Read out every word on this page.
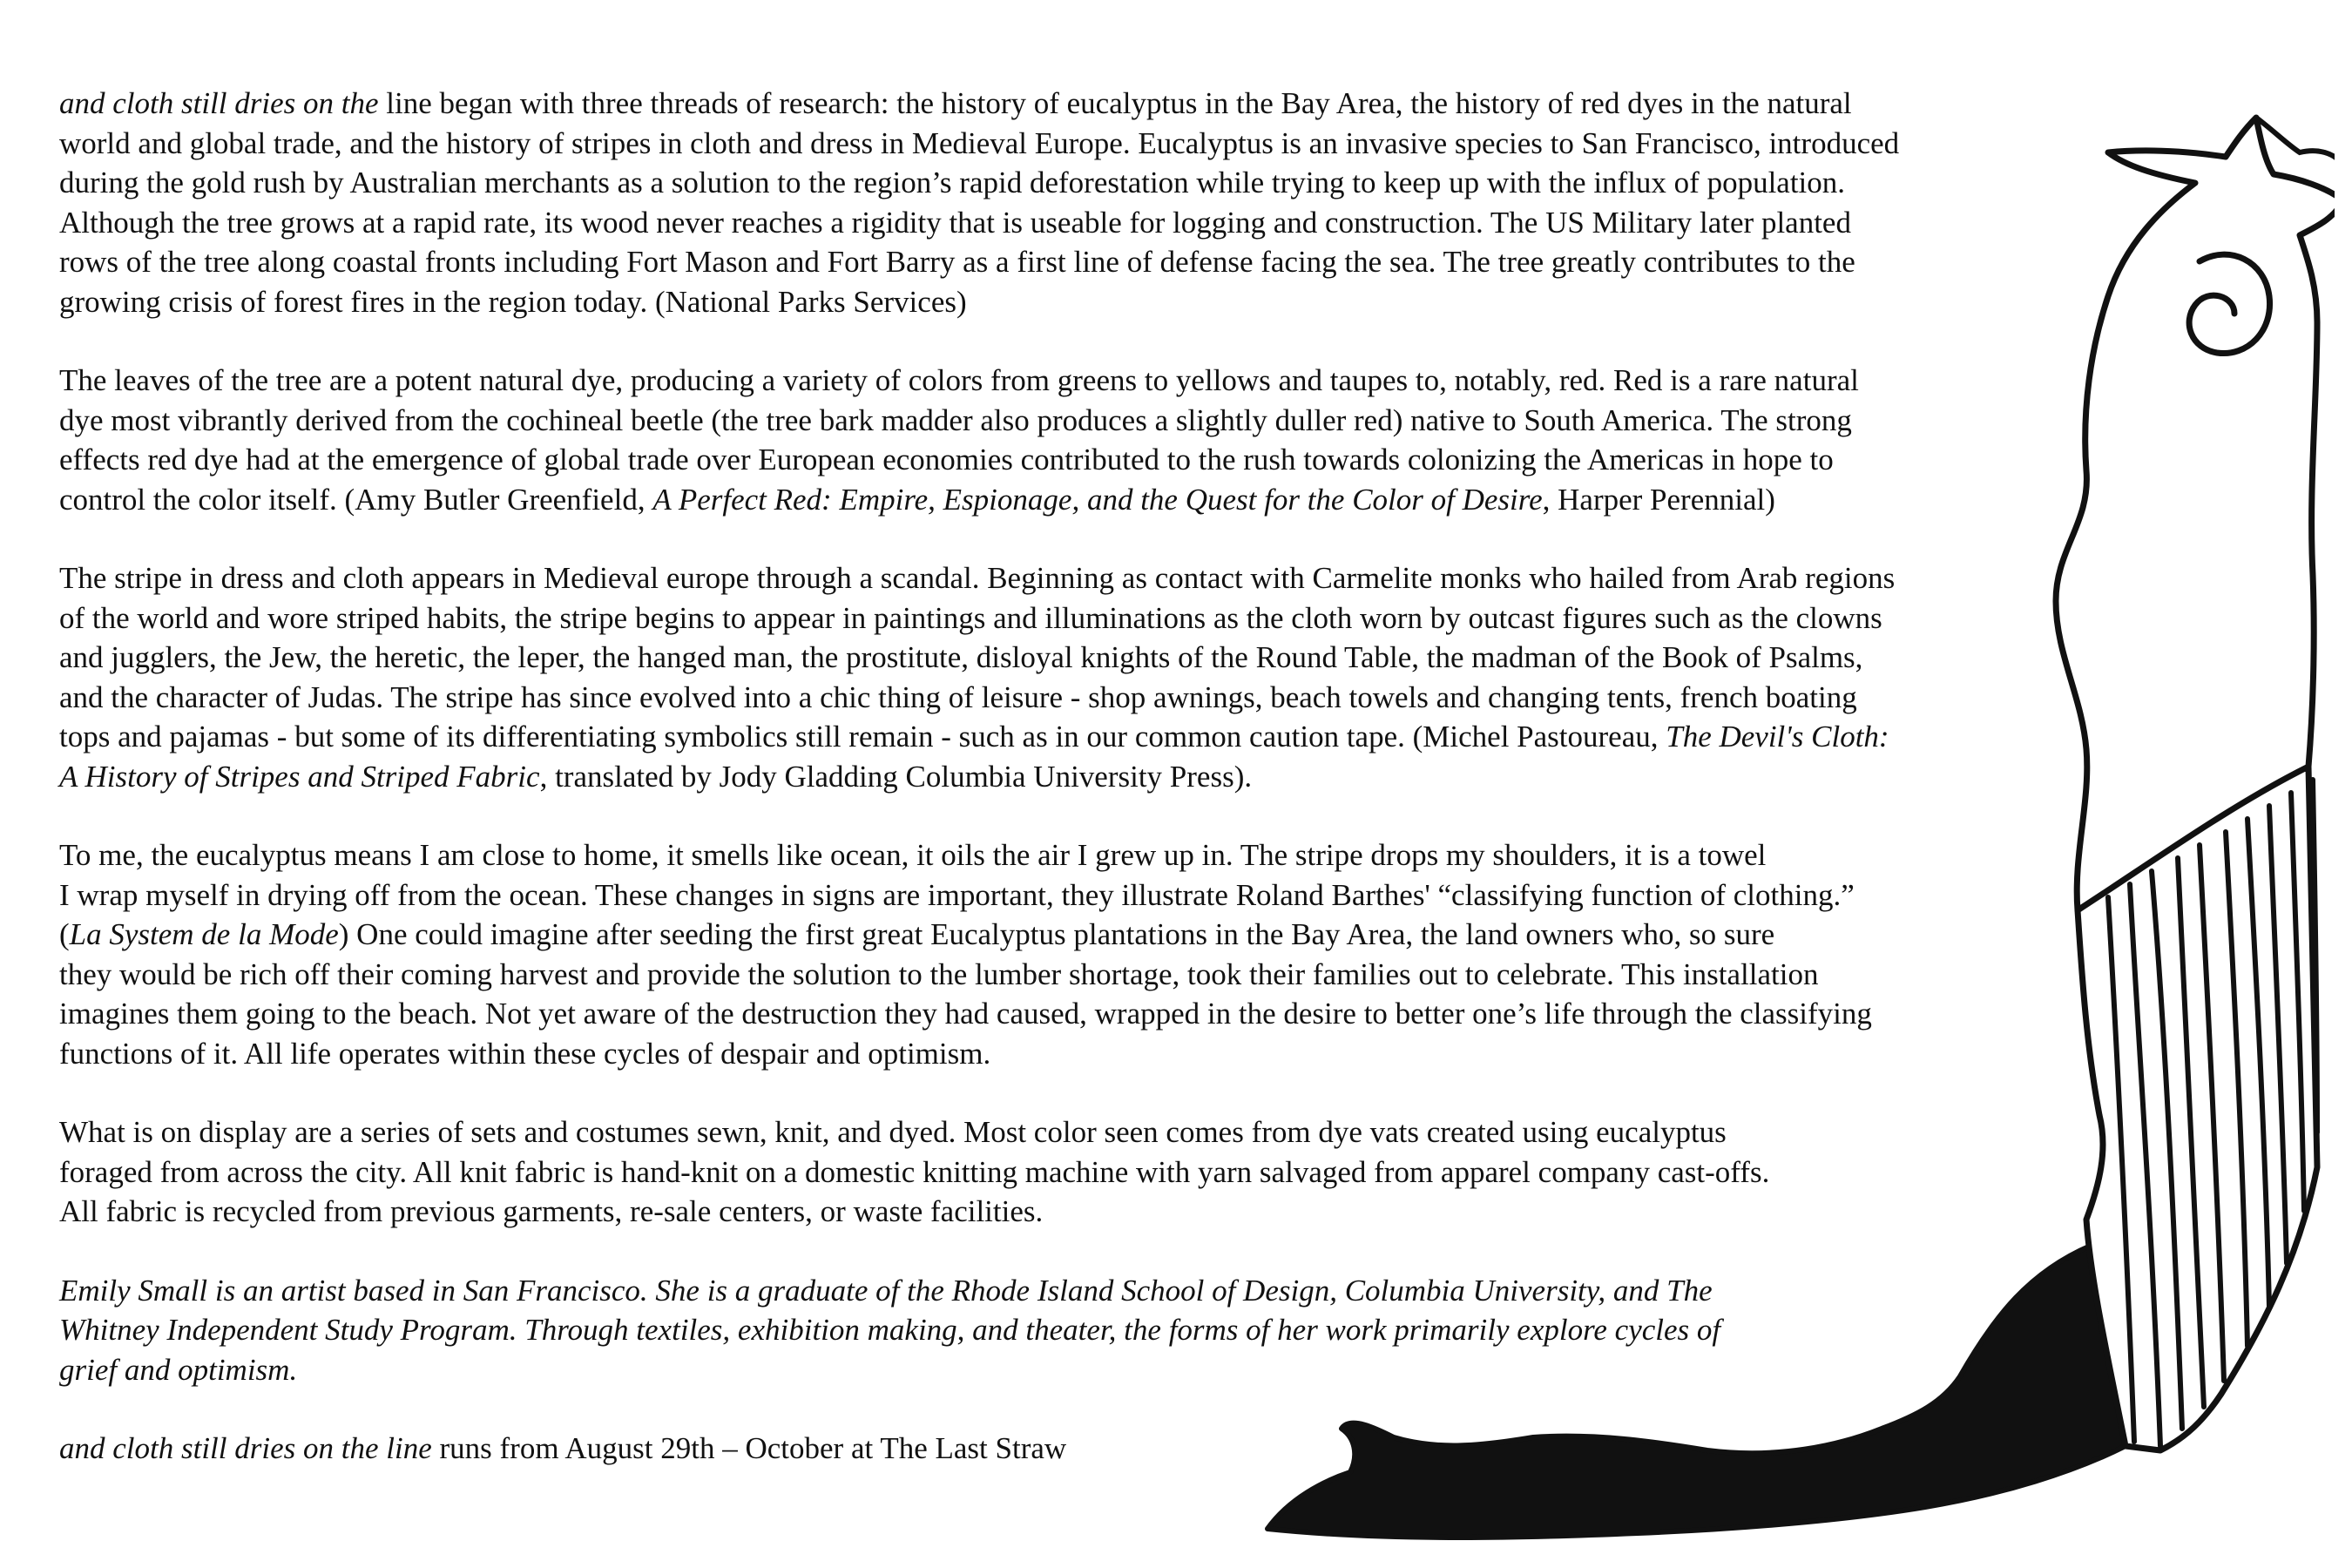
and cloth still dries on the line began with three threads of research: the history of eucalyptus in the Bay Area, the history of red dyes in the natural
world and global trade, and the history of stripes in cloth and dress in Medieval Europe. Eucalyptus is an invasive species to San Francisco, introduced
during the gold rush by Australian merchants as a solution to the region’s rapid deforestation while trying to keep up with the influx of population.
Although the tree grows at a rapid rate, its wood never reaches a rigidity that is useable for logging and construction. The US Military later planted
rows of the tree along coastal fronts including Fort Mason and Fort Barry as a first line of defense facing the sea. The tree greatly contributes to the
growing crisis of forest fires in the region today. (National Parks Services)

The leaves of the tree are a potent natural dye, producing a variety of colors from greens to yellows and taupes to, notably, red. Red is a rare natural
dye most vibrantly derived from the cochineal beetle (the tree bark madder also produces a slightly duller red) native to South America. The strong
effects red dye had at the emergence of global trade over European economies contributed to the rush towards colonizing the Americas in hope to
control the color itself. (Amy Butler Greenfield, A Perfect Red: Empire, Espionage, and the Quest for the Color of Desire, Harper Perennial)

The stripe in dress and cloth appears in Medieval europe through a scandal. Beginning as contact with Carmelite monks who hailed from Arab regions
of the world and wore striped habits, the stripe begins to appear in paintings and illuminations as the cloth worn by outcast figures such as the clowns
and jugglers, the Jew, the heretic, the leper, the hanged man, the prostitute, disloyal knights of the Round Table, the madman of the Book of Psalms,
and the character of Judas. The stripe has since evolved into a chic thing of leisure - shop awnings, beach towels and changing tents, french boating
tops and pajamas - but some of its differentiating symbolics still remain - such as in our common caution tape. (Michel Pastoureau, The Devil's Cloth:
A History of Stripes and Striped Fabric, translated by Jody Gladding Columbia University Press).

To me, the eucalyptus means I am close to home, it smells like ocean, it oils the air I grew up in. The stripe drops my shoulders, it is a towel
I wrap myself in drying off from the ocean. These changes in signs are important, they illustrate Roland Barthes' “classifying function of clothing.”
(La System de la Mode) One could imagine after seeding the first great Eucalyptus plantations in the Bay Area, the land owners who, so sure
they would be rich off their coming harvest and provide the solution to the lumber shortage, took their families out to celebrate. This installation
imagines them going to the beach. Not yet aware of the destruction they had caused, wrapped in the desire to better one’s life through the classifying
functions of it. All life operates within these cycles of despair and optimism.

What is on display are a series of sets and costumes sewn, knit, and dyed. Most color seen comes from dye vats created using eucalyptus
foraged from across the city. All knit fabric is hand-knit on a domestic knitting machine with yarn salvaged from apparel company cast-offs.
All fabric is recycled from previous garments, re-sale centers, or waste facilities.

Emily Small is an artist based in San Francisco. She is a graduate of the Rhode Island School of Design, Columbia University, and The
Whitney Independent Study Program. Through textiles, exhibition making, and theater, the forms of her work primarily explore cycles of
grief and optimism.

and cloth still dries on the line runs from August 29th – October at The Last Straw
